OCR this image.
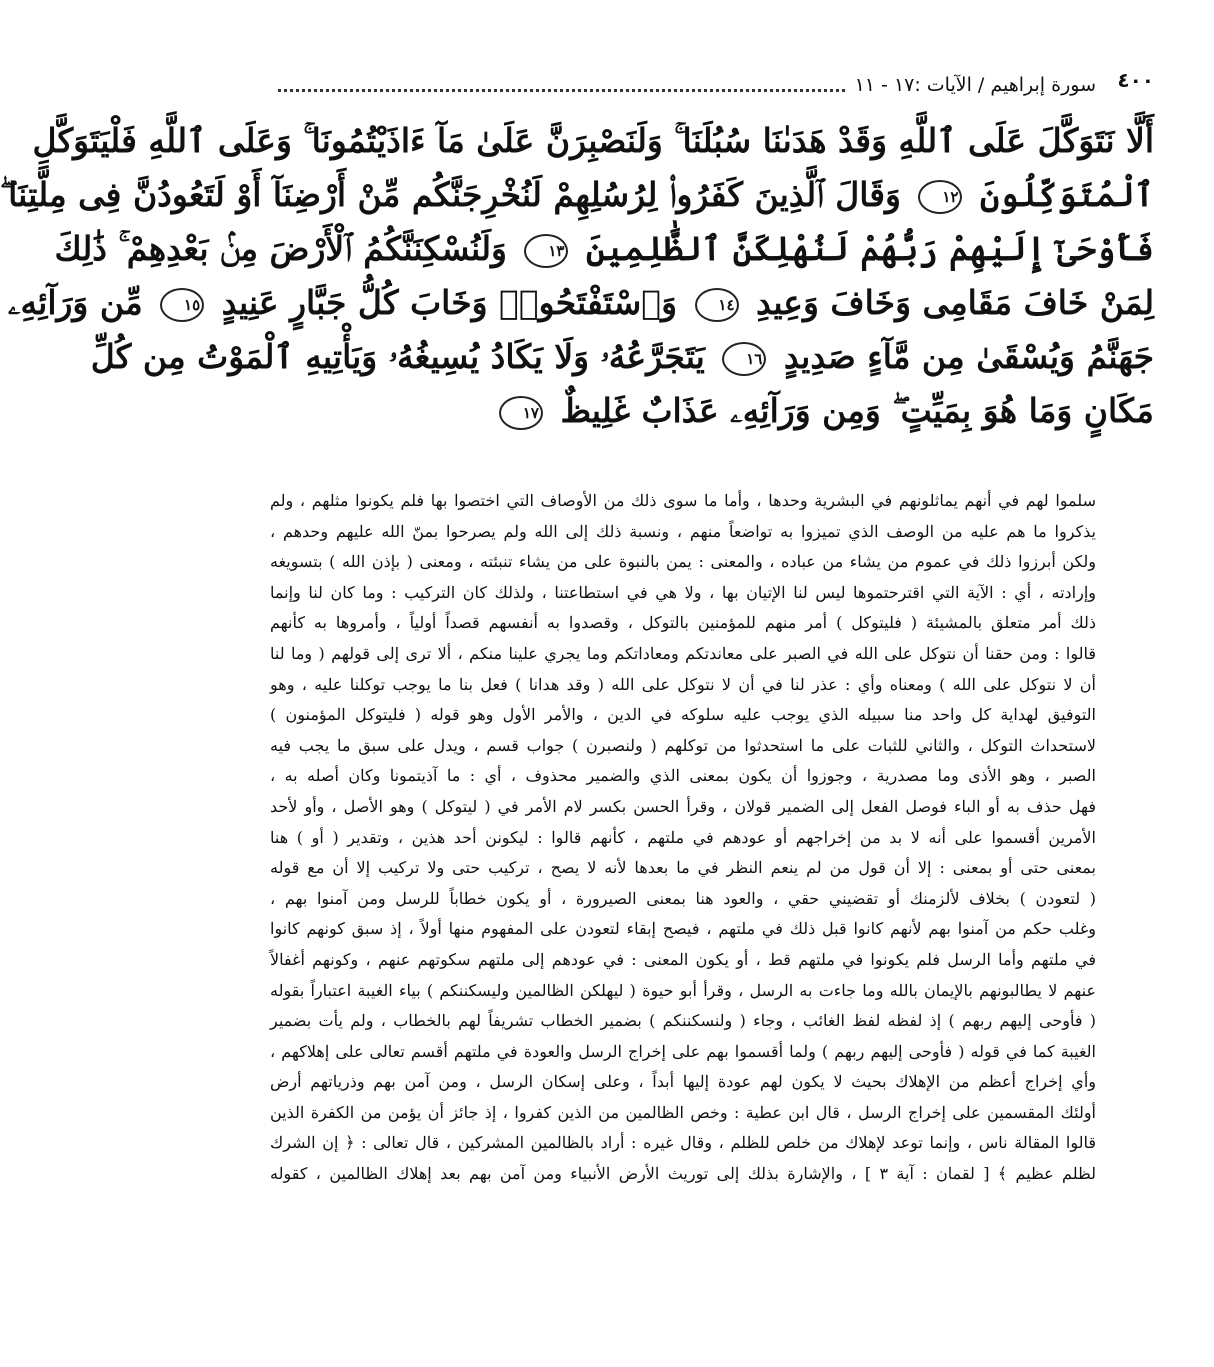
٤٠٠
سورة إبراهيم / الآيات :
١٧ - ١١
أَلَّا نَتَوَكَّلَ عَلَى ٱللَّهِ وَقَدْ هَدَىٰنَا سُبُلَنَا ۚ وَلَنَصْبِرَنَّ عَلَىٰ مَآ ءَاذَيْتُمُونَا ۚ وَعَلَى ٱللَّهِ فَلْيَتَوَكَّلِ
ٱلْمُتَوَكِّلُونَ ١٢ وَقَالَ ٱلَّذِينَ كَفَرُوا۟ لِرُسُلِهِمْ لَنُخْرِجَنَّكُم مِّنْ أَرْضِنَآ أَوْ لَتَعُودُنَّ فِى مِلَّتِنَا ۖ
فَأَوْحَىٰٓ إِلَيْهِمْ رَبُّهُمْ لَنُهْلِكَنَّ ٱلظَّٰلِمِينَ ١٣ وَلَنُسْكِنَنَّكُمُ ٱلْأَرْضَ مِنۢ بَعْدِهِمْ ۚ ذَٰلِكَ
لِمَنْ خَافَ مَقَامِى وَخَافَ وَعِيدِ ١٤ وَٱسْتَفْتَحُوا۟ وَخَابَ كُلُّ جَبَّارٍ عَنِيدٍ ١٥ مِّن وَرَآئِهِۦ
جَهَنَّمُ وَيُسْقَىٰ مِن مَّآءٍ صَدِيدٍ ١٦ يَتَجَرَّعُهُۥ وَلَا يَكَادُ يُسِيغُهُۥ وَيَأْتِيهِ ٱلْمَوْتُ مِن كُلِّ
مَكَانٍ وَمَا هُوَ بِمَيِّتٍ ۖ وَمِن وَرَآئِهِۦ عَذَابٌ غَلِيظٌ ١٧
سلموا لهم في أنهم يماثلونهم في البشرية وحدها ، وأما ما سوى ذلك من الأوصاف التي اختصوا بها فلم يكونوا مثلهم ، ولم
يذكروا ما هم عليه من الوصف الذي تميزوا به تواضعاً منهم ، ونسبة ذلك إلى الله ولم يصرحوا بمنّ الله عليهم وحدهم ،
ولكن أبرزوا ذلك في عموم من يشاء من عباده ، والمعنى : يمن بالنبوة على من يشاء تنبئته ، ومعنى ( بإذن الله ) بتسويغه
وإرادته ، أي : الآية التي اقترحتموها ليس لنا الإتيان بها ، ولا هي في استطاعتنا ، ولذلك كان التركيب : وما كان لنا وإنما
ذلك أمر متعلق بالمشيئة ( فليتوكل ) أمر منهم للمؤمنين بالتوكل ، وقصدوا به أنفسهم قصداً أولياً ، وأمروها به كأنهم
قالوا : ومن حقنا أن نتوكل على الله في الصبر على معاندتكم ومعاداتكم وما يجري علينا منكم ، ألا ترى إلى قولهم ( وما لنا
أن لا نتوكل على الله ) ومعناه وأي : عذر لنا في أن لا نتوكل على الله ( وقد هدانا ) فعل بنا ما يوجب توكلنا عليه ، وهو
التوفيق لهداية كل واحد منا سبيله الذي يوجب عليه سلوكه في الدين ، والأمر الأول وهو قوله ( فليتوكل المؤمنون )
لاستحداث التوكل ، والثاني للثبات على ما استحدثوا من توكلهم ( ولنصبرن ) جواب قسم ، ويدل على سبق ما يجب فيه
الصبر ، وهو الأذى وما مصدرية ، وجوزوا أن يكون بمعنى الذي والضمير محذوف ، أي : ما آذيتمونا وكان أصله به ،
فهل حذف به أو الباء فوصل الفعل إلى الضمير قولان ، وقرأ الحسن بكسر لام الأمر في ( ليتوكل ) وهو الأصل ، وأو لأحد
الأمرين أقسموا على أنه لا بد من إخراجهم أو عودهم في ملتهم ، كأنهم قالوا : ليكونن أحد هذين ، وتقدير ( أو ) هنا
بمعنى حتى أو بمعنى : إلا أن قول من لم ينعم النظر في ما بعدها لأنه لا يصح ، تركيب حتى ولا تركيب إلا أن مع قوله
( لتعودن ) بخلاف لألزمنك أو تقضيني حقي ، والعود هنا بمعنى الصيرورة ، أو يكون خطاباً للرسل ومن آمنوا بهم ،
وغلب حكم من آمنوا بهم لأنهم كانوا قبل ذلك في ملتهم ، فيصح إبقاء لتعودن على المفهوم منها أولاً ، إذ سبق كونهم كانوا
في ملتهم وأما الرسل فلم يكونوا في ملتهم قط ، أو يكون المعنى : في عودهم إلى ملتهم سكوتهم عنهم ، وكونهم أغفالاً
عنهم لا يطالبونهم بالإيمان بالله وما جاءت به الرسل ، وقرأ أبو حيوة ( ليهلكن الظالمين وليسكننكم ) بياء الغيبة اعتباراً بقوله
( فأوحى إليهم ربهم ) إذ لفظه لفظ الغائب ، وجاء ( ولنسكننكم ) بضمير الخطاب تشريفاً لهم بالخطاب ، ولم يأت بضمير
الغيبة كما في قوله ( فأوحى إليهم ربهم ) ولما أقسموا بهم على إخراج الرسل والعودة في ملتهم أقسم تعالى على إهلاكهم ،
وأي إخراج أعظم من الإهلاك بحيث لا يكون لهم عودة إليها أبداً ، وعلى إسكان الرسل ، ومن آمن بهم وذرياتهم أرض
أولئك المقسمين على إخراج الرسل ، قال ابن عطية : وخص الظالمين من الذين كفروا ، إذ جائز أن يؤمن من الكفرة الذين
قالوا المقالة ناس ، وإنما توعد لإهلاك من خلص للظلم ، وقال غيره : أراد بالظالمين المشركين ، قال تعالى : ﴿ إن الشرك
لظلم عظيم ﴾ [ لقمان : آية ٣ ] ، والإشارة بذلك إلى توريث الأرض الأنبياء ومن آمن بهم بعد إهلاك الظالمين ، كقوله
